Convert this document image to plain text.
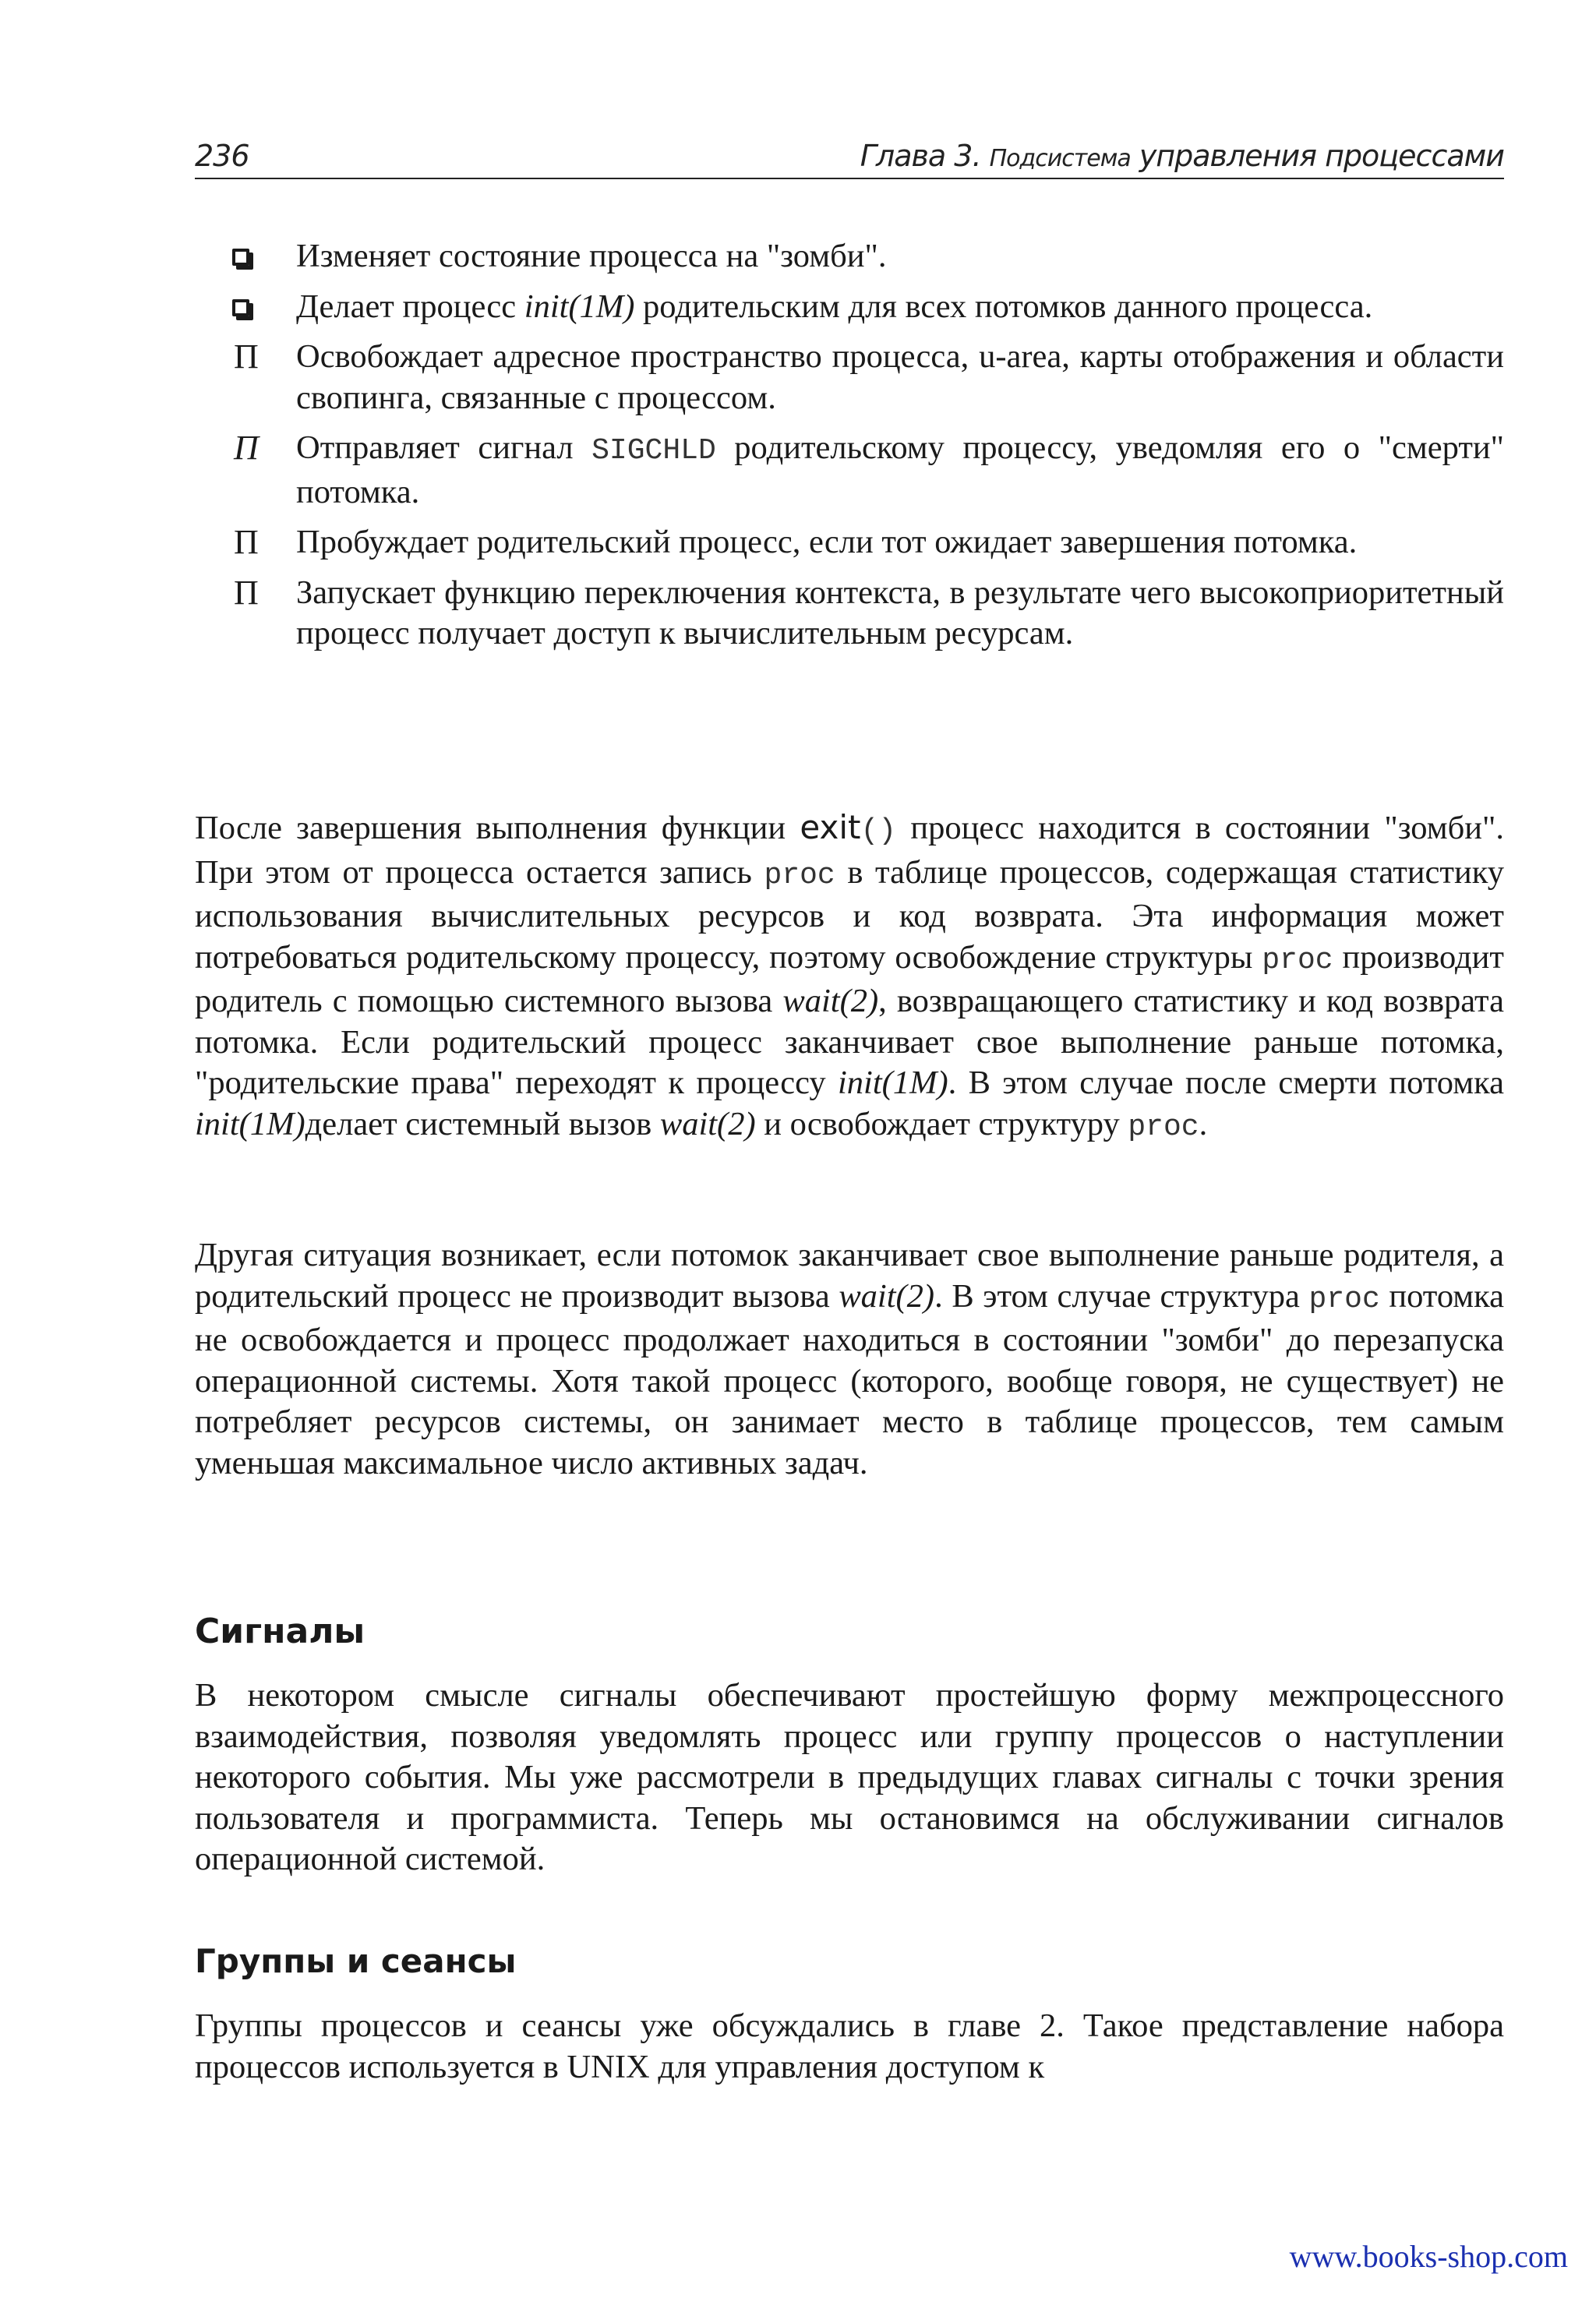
236	Глава 3. Подсистема управления процессами
Изменяет состояние процесса на "зомби".
Делает процесс init(1M) родительским для всех потомков данного процесса.
П Освобождает адресное пространство процесса, u-area, карты отображения и области свопинга, связанные с процессом.
П Отправляет сигнал SIGCHLD родительскому процессу, уведомляя его о "смерти" потомка.
П Пробуждает родительский процесс, если тот ожидает завершения потомка.
П Запускает функцию переключения контекста, в результате чего высокоприоритетный процесс получает доступ к вычислительным ресурсам.
После завершения выполнения функции exit() процесс находится в состоянии "зомби". При этом от процесса остается запись proc в таблице процессов, содержащая статистику использования вычислительных ресурсов и код возврата. Эта информация может потребоваться родительскому процессу, поэтому освобождение структуры proc производит родитель с помощью системного вызова wait(2), возвращающего статистику и код возврата потомка. Если родительский процесс заканчивает свое выполнение раньше потомка, "родительские права" переходят к процессу init(1M). В этом случае после смерти потомка init(1M)делает системный вызов wait(2) и освобождает структуру proc.
Другая ситуация возникает, если потомок заканчивает свое выполнение раньше родителя, а родительский процесс не производит вызова wait(2). В этом случае структура proc потомка не освобождается и процесс продолжает находиться в состоянии "зомби" до перезапуска операционной системы. Хотя такой процесс (которого, вообще говоря, не существует) не потребляет ресурсов системы, он занимает место в таблице процессов, тем самым уменьшая максимальное число активных задач.
Сигналы
В некотором смысле сигналы обеспечивают простейшую форму межпроцессного взаимодействия, позволяя уведомлять процесс или группу процессов о наступлении некоторого события. Мы уже рассмотрели в предыдущих главах сигналы с точки зрения пользователя и программиста. Теперь мы остановимся на обслуживании сигналов операционной системой.
Группы и сеансы
Группы процессов и сеансы уже обсуждались в главе 2. Такое представление набора процессов используется в UNIX для управления доступом к
www.books-shop.com
